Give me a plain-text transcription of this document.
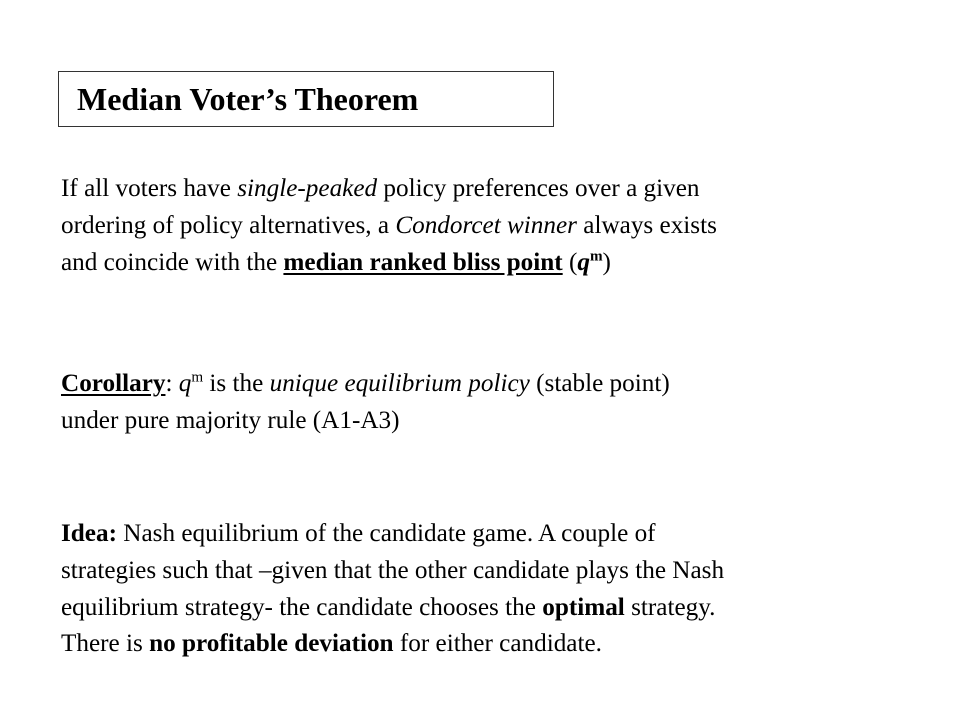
Median Voter’s Theorem
If all voters have single-peaked policy preferences over a given
ordering of policy alternatives, a Condorcet winner always exists
and coincide with the median ranked bliss point $(q^m)$
Corollary: $q^m$ is the unique equilibrium policy (stable point)
under pure majority rule (A1-A3)
Idea: Nash equilibrium of the candidate game. A couple of
strategies such that –given that the other candidate plays the Nash
equilibrium strategy- the candidate chooses the optimal strategy.
There is no profitable deviation for either candidate.
